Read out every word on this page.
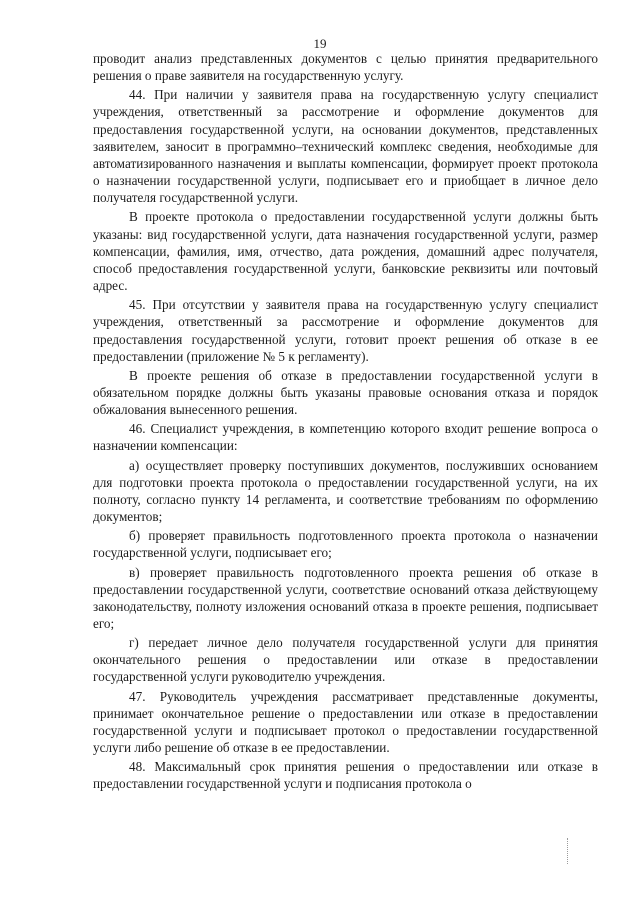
19

проводит анализ представленных документов с целью принятия предварительного решения о праве заявителя на государственную услугу.

44. При наличии у заявителя права на государственную услугу специалист учреждения, ответственный за рассмотрение и оформление документов для предоставления государственной услуги, на основании документов, представленных заявителем, заносит в программно–технический комплекс сведения, необходимые для автоматизированного назначения и выплаты компенсации, формирует проект протокола о назначении государственной услуги, подписывает его и приобщает в личное дело получателя государственной услуги.

В проекте протокола о предоставлении государственной услуги должны быть указаны: вид государственной услуги, дата назначения государственной услуги, размер компенсации, фамилия, имя, отчество, дата рождения, домашний адрес получателя, способ предоставления государственной услуги, банковские реквизиты или почтовый адрес.

45. При отсутствии у заявителя права на государственную услугу специалист учреждения, ответственный за рассмотрение и оформление документов для предоставления государственной услуги, готовит проект решения об отказе в ее предоставлении (приложение № 5 к регламенту).

В проекте решения об отказе в предоставлении государственной услуги в обязательном порядке должны быть указаны правовые основания отказа и порядок обжалования вынесенного решения.

46. Специалист учреждения, в компетенцию которого входит решение вопроса о назначении компенсации:

а) осуществляет проверку поступивших документов, послуживших основанием для подготовки проекта протокола о предоставлении государственной услуги, на их полноту, согласно пункту 14 регламента, и соответствие требованиям по оформлению документов;

б) проверяет правильность подготовленного проекта протокола о назначении государственной услуги, подписывает его;

в) проверяет правильность подготовленного проекта решения об отказе в предоставлении государственной услуги, соответствие оснований отказа действующему законодательству, полноту изложения оснований отказа в проекте решения, подписывает его;

г) передает личное дело получателя государственной услуги для принятия окончательного решения о предоставлении или отказе в предоставлении государственной услуги руководителю учреждения.

47. Руководитель учреждения рассматривает представленные документы, принимает окончательное решение о предоставлении или отказе в предоставлении государственной услуги и подписывает протокол о предоставлении государственной услуги либо решение об отказе в ее предоставлении.

48. Максимальный срок принятия решения о предоставлении или отказе в предоставлении государственной услуги и подписания протокола о
